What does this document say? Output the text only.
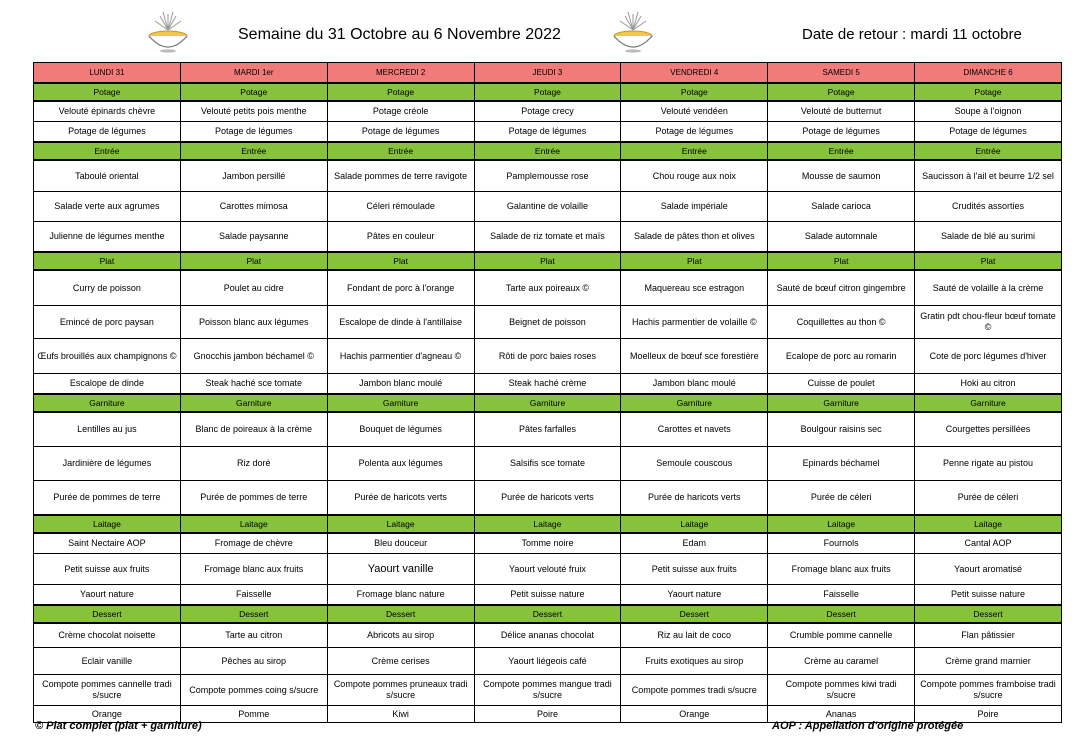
Semaine du 31 Octobre au 6 Novembre 2022	Date de retour : mardi 11 octobre
LUNDI 31	MARDI 1er	MERCREDI 2	JEUDI 3	VENDREDI 4	SAMEDI 5	DIMANCHE 6
Potage	Potage	Potage	Potage	Potage	Potage	Potage
Velouté épinards chèvre	Velouté petits pois menthe	Potage créole	Potage crecy	Velouté vendéen	Velouté de butternut	Soupe à l'oignon
Potage de légumes	Potage de légumes	Potage de légumes	Potage de légumes	Potage de légumes	Potage de légumes	Potage de légumes
Entrée	Entrée	Entrée	Entrée	Entrée	Entrée	Entrée
Taboulé oriental	Jambon persillé	Salade pommes de terre ravigote	Pamplemousse rose	Chou rouge aux noix	Mousse de saumon	Saucisson à l'ail et beurre 1/2 sel
Salade verte aux agrumes	Carottes mimosa	Céleri rémoulade	Galantine de volaille	Salade impériale	Salade carioca	Crudités assorties
Julienne de légumes menthe	Salade paysanne	Pâtes en couleur	Salade de riz tomate et maïs	Salade de pâtes thon et olives	Salade automnale	Salade de blé au surimi
Plat	Plat	Plat	Plat	Plat	Plat	Plat
Curry de poisson	Poulet au cidre	Fondant de porc à l'orange	Tarte aux poireaux ©	Maquereau sce estragon	Sauté de bœuf citron gingembre	Sauté de volaille à la crème
Emincé de porc paysan	Poisson blanc aux légumes	Escalope de dinde à l'antillaise	Beignet de poisson	Hachis parmentier de volaille ©	Coquillettes au thon ©	Gratin pdt chou-fleur bœuf tomate ©
Œufs brouillés aux champignons ©	Gnocchis jambon béchamel ©	Hachis parmentier d'agneau ©	Rôti de porc baies roses	Moelleux de bœuf sce forestière	Ecalope de porc au romarin	Cote de porc légumes d'hiver
Escalope de dinde	Steak haché sce tomate	Jambon blanc moulé	Steak haché crème	Jambon blanc moulé	Cuisse de poulet	Hoki au citron
Garniture	Garniture	Garniture	Garniture	Garniture	Garniture	Garniture
Lentilles au jus	Blanc de poireaux à la crème	Bouquet de légumes	Pâtes farfalles	Carottes et navets	Boulgour raisins sec	Courgettes persillées
Jardinière de légumes	Riz doré	Polenta aux légumes	Salsifis sce tomate	Semoule couscous	Epinards béchamel	Penne rigate au pistou
Purée de pommes de terre	Purée de pommes de terre	Purée de haricots verts	Purée de haricots verts	Purée de haricots verts	Purée de céleri	Purée de céleri
Laitage	Laitage	Laitage	Laitage	Laitage	Laitage	Laitage
Saint Nectaire AOP	Fromage de chèvre	Bleu douceur	Tomme noire	Edam	Fournols	Cantal AOP
Petit suisse aux fruits	Fromage blanc aux fruits	Yaourt vanille	Yaourt velouté fruix	Petit suisse aux fruits	Fromage blanc aux fruits	Yaourt aromatisé
Yaourt nature	Faisselle	Fromage blanc nature	Petit suisse nature	Yaourt nature	Faisselle	Petit suisse nature
Dessert	Dessert	Dessert	Dessert	Dessert	Dessert	Dessert
Crème chocolat noisette	Tarte au citron	Abricots au sirop	Délice ananas chocolat	Riz au lait de coco	Crumble pomme cannelle	Flan pâtissier
Eclair vanille	Pêches au sirop	Crème cerises	Yaourt liégeois café	Fruits exotiques au sirop	Crème au caramel	Crème grand marnier
Compote pommes cannelle tradi s/sucre	Compote pommes coing s/sucre	Compote pommes pruneaux tradi s/sucre	Compote pommes mangue tradi s/sucre	Compote pommes tradi s/sucre	Compote pommes kiwi tradi s/sucre	Compote pommes framboise tradi s/sucre
Orange	Pomme	Kiwi	Poire	Orange	Ananas	Poire
© Plat complet (plat + garniture)	AOP : Appellation d'origine protégée
